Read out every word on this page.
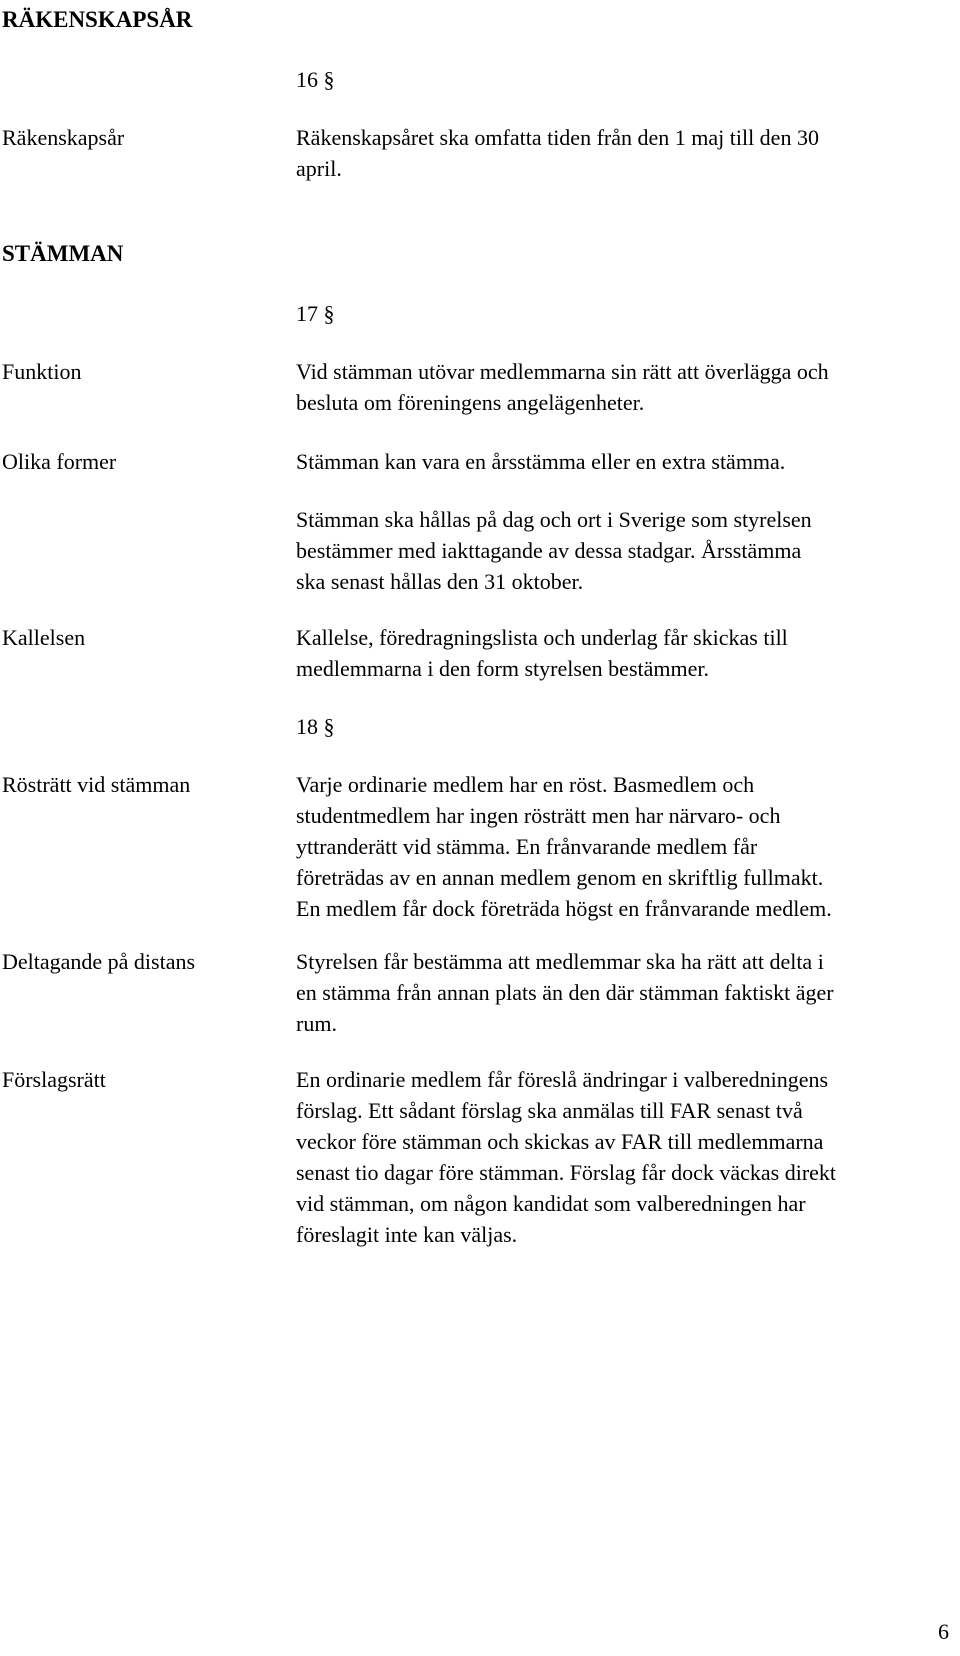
RÄKENSKAPSÅR
16 §
Räkenskapsår	Räkenskapsåret ska omfatta tiden från den 1 maj till den 30
april.
STÄMMAN
17 §
Funktion	Vid stämman utövar medlemmarna sin rätt att överlägga och
besluta om föreningens angelägenheter.
Olika former	Stämman kan vara en årsstämma eller en extra stämma.
Stämman ska hållas på dag och ort i Sverige som styrelsen
bestämmer med iakttagande av dessa stadgar. Årsstämma
ska senast hållas den 31 oktober.
Kallelsen	Kallelse, föredragningslista och underlag får skickas till
medlemmarna i den form styrelsen bestämmer.
18 §
Rösträtt vid stämman	Varje ordinarie medlem har en röst. Basmedlem och
studentmedlem har ingen rösträtt men har närvaro- och
yttranderätt vid stämma. En frånvarande medlem får
företrädas av en annan medlem genom en skriftlig fullmakt.
En medlem får dock företräda högst en frånvarande medlem.
Deltagande på distans	Styrelsen får bestämma att medlemmar ska ha rätt att delta i
en stämma från annan plats än den där stämman faktiskt äger
rum.
Förslagsrätt	En ordinarie medlem får föreslå ändringar i valberedningens
förslag. Ett sådant förslag ska anmälas till FAR senast två
veckor före stämman och skickas av FAR till medlemmarna
senast tio dagar före stämman. Förslag får dock väckas direkt
vid stämman, om någon kandidat som valberedningen har
föreslagit inte kan väljas.
6
